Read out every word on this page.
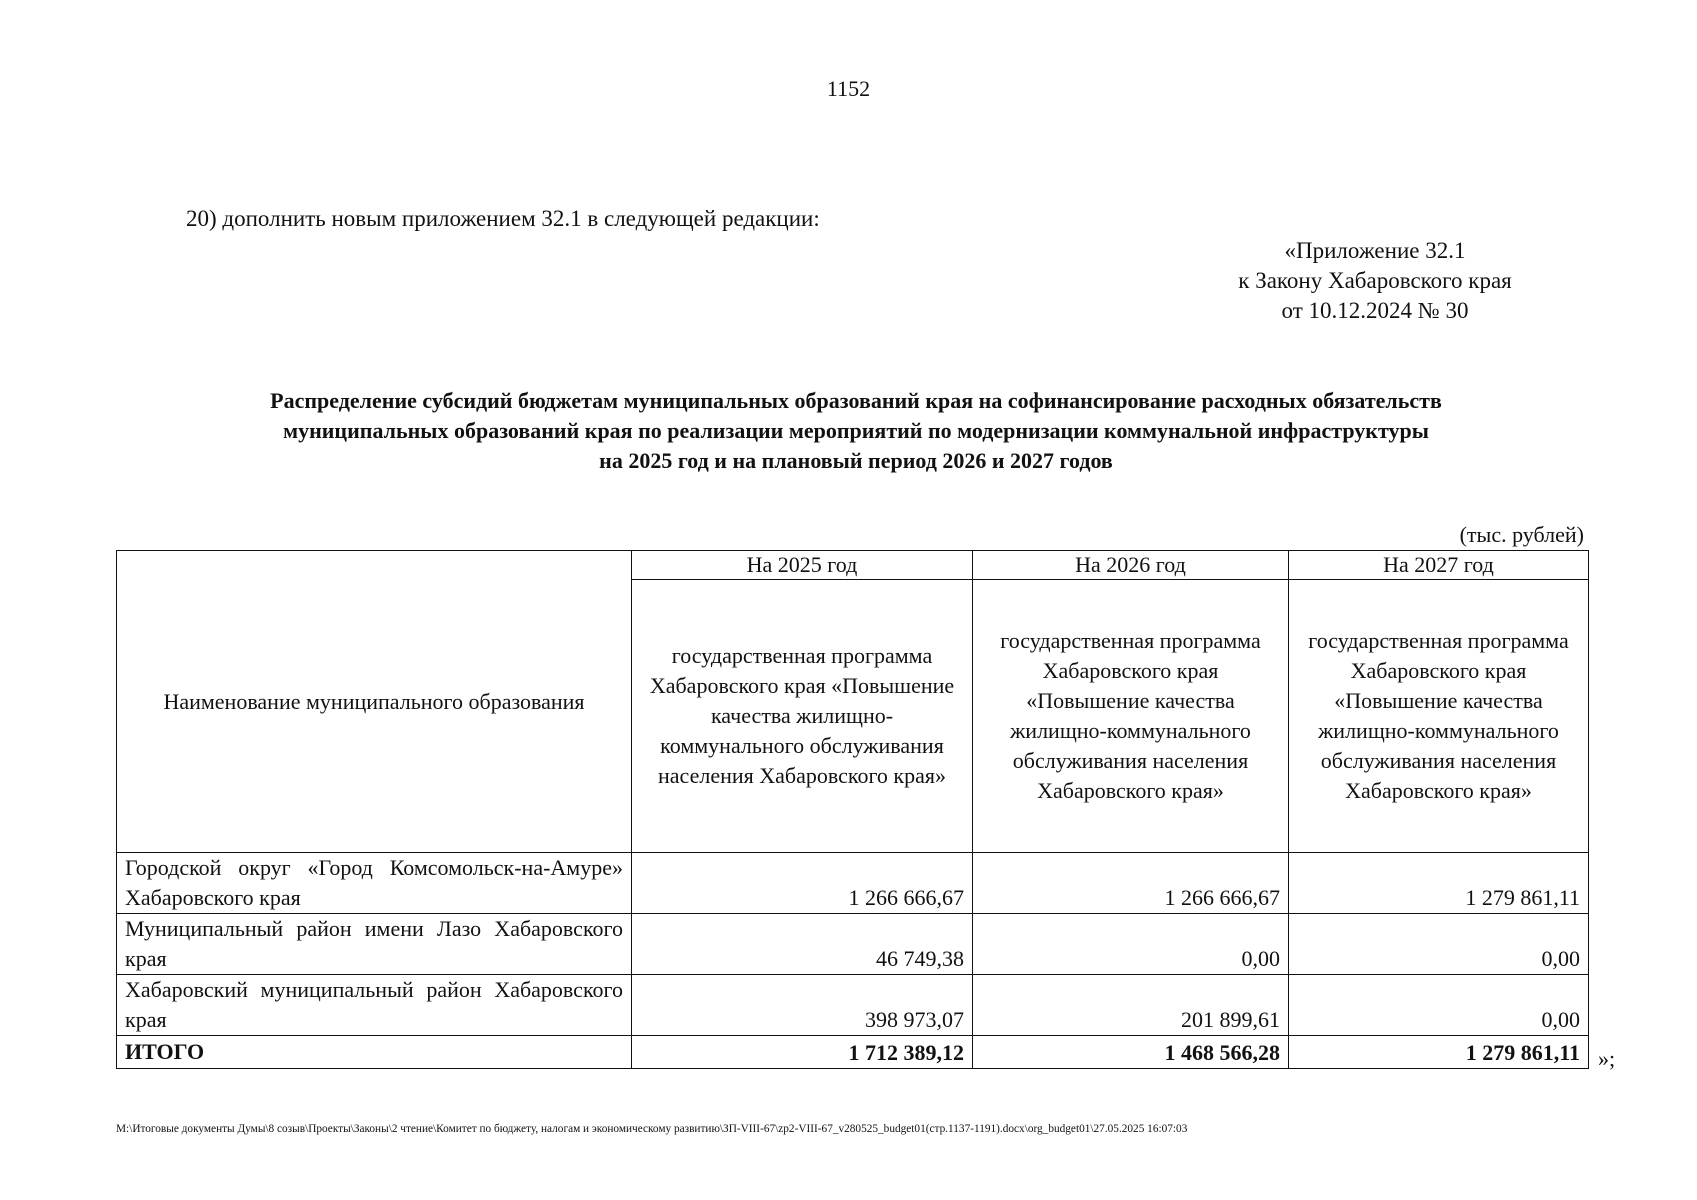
1152
20) дополнить новым приложением 32.1 в следующей редакции:
«Приложение 32.1
к Закону Хабаровского края
от 10.12.2024 № 30
Распределение субсидий бюджетам муниципальных образований края на софинансирование расходных обязательств
муниципальных образований края по реализации мероприятий по модернизации коммунальной инфраструктуры
на 2025 год и на плановый период 2026 и 2027 годов
(тыс. рублей)
Наименование муниципального образования	На 2025 год	На 2026 год	На 2027 год
	государственная программа Хабаровского края «Повышение качества жилищно-коммунального обслуживания населения Хабаровского края»	государственная программа Хабаровского края «Повышение качества жилищно-коммунального обслуживания населения Хабаровского края»	государственная программа Хабаровского края «Повышение качества жилищно-коммунального обслуживания населения Хабаровского края»
Городской округ «Город Комсомольск-на-Амуре» Хабаровского края	1 266 666,67	1 266 666,67	1 279 861,11
Муниципальный район имени Лазо Хабаровского края	46 749,38	0,00	0,00
Хабаровский муниципальный район Хабаровского края	398 973,07	201 899,61	0,00
ИТОГО	1 712 389,12	1 468 566,28	1 279 861,11 »;
M:\Итоговые документы Думы\8 созыв\Проекты\Законы\2 чтение\Комитет по бюджету, налогам и экономическому развитию\ЗП-VIII-67\zp2-VIII-67_v280525_budget01(стр.1137-1191).docx\org_budget01\27.05.2025 16:07:03
